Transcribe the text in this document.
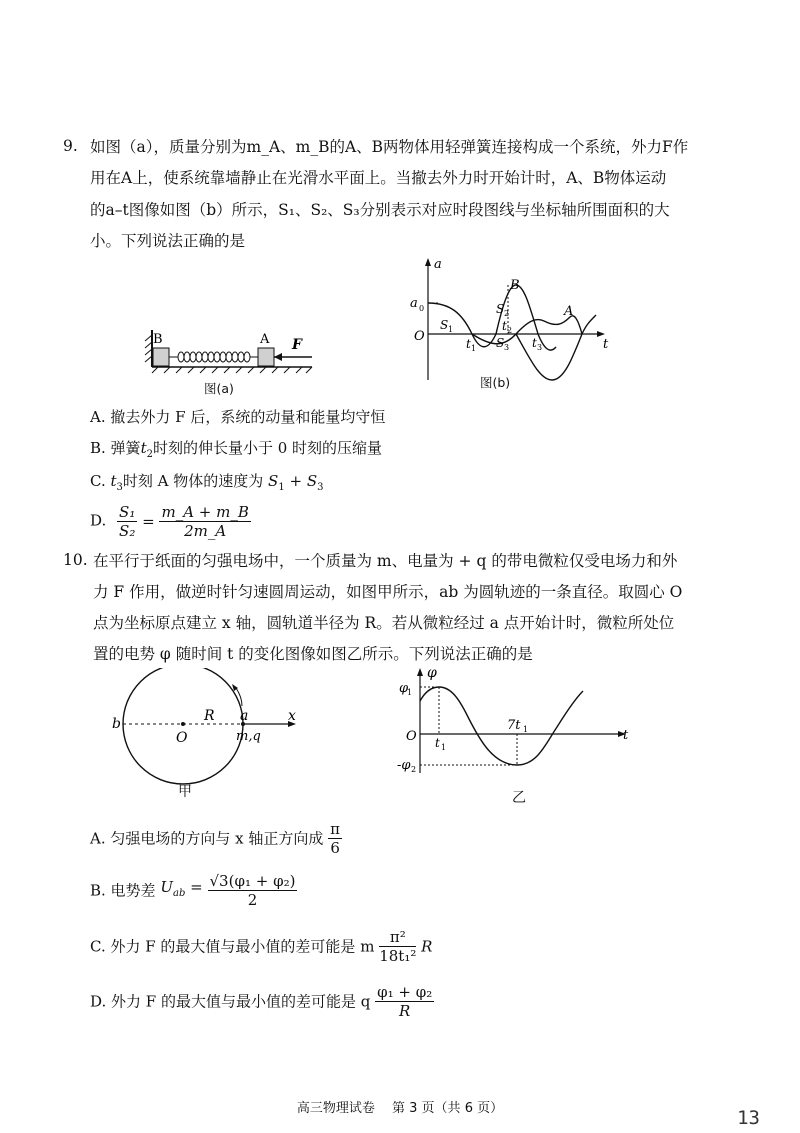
9. 如图（a），质量分别为m_A、m_B的A、B两物体用轻弹簧连接构成一个系统，外力F作
用在A上，使系统靠墙静止在光滑水平面上。当撤去外力时开始计时，A、B物体运动
的a–t图像如图（b）所示，S₁、S₂、S₃分别表示对应时段图线与坐标轴所围面积的大
小。下列说法正确的是
B	A F
图(a)
a
t
O
a 0
B
A
S 1
S 2
S 3
t 1
t 2
t 3
图(b)
A. 撤去外力 F 后，系统的动量和能量均守恒
B. 弹簧$t_2$时刻的伸长量小于 0 时刻的压缩量
C. $t_3$时刻 A 物体的速度为 $S_1 + S_3$
D. $\frac{\text{S₁}}{\text{S₂}} = \frac{m\_A + m\_B}{2m\_A}$
10. 在平行于纸面的匀强电场中，一个质量为 m、电量为 + q 的带电微粒仅受电场力和外
力 F 作用，做逆时针匀速圆周运动，如图甲所示，ab 为圆轨迹的一条直径。取圆心 O
点为坐标原点建立 x 轴，圆轨道半径为 R。若从微粒经过 a 点开始计时，微粒所处位
置的电势 φ 随时间 t 的变化图像如图乙所示。下列说法正确的是
b
O
R a
m,q
x
甲
φ
φ
1
-φ 2
O	t
t 1
7t 1
乙
A. 匀强电场的方向与 x 轴正方向成 $\frac{\pi}{6}$
B. 电势差 $U_{ab} = \frac{\text{√3(φ₁ + φ₂)}}{2}$
C. 外力 F 的最大值与最小值的差可能是 m $\frac{\text{π²}}{\text{18t₁²}}$ R
D. 外力 F 的最大值与最小值的差可能是 q $\frac{\text{φ₁ + φ₂}}{R}$
高三物理试卷　 第 3 页（共 6 页）	13
